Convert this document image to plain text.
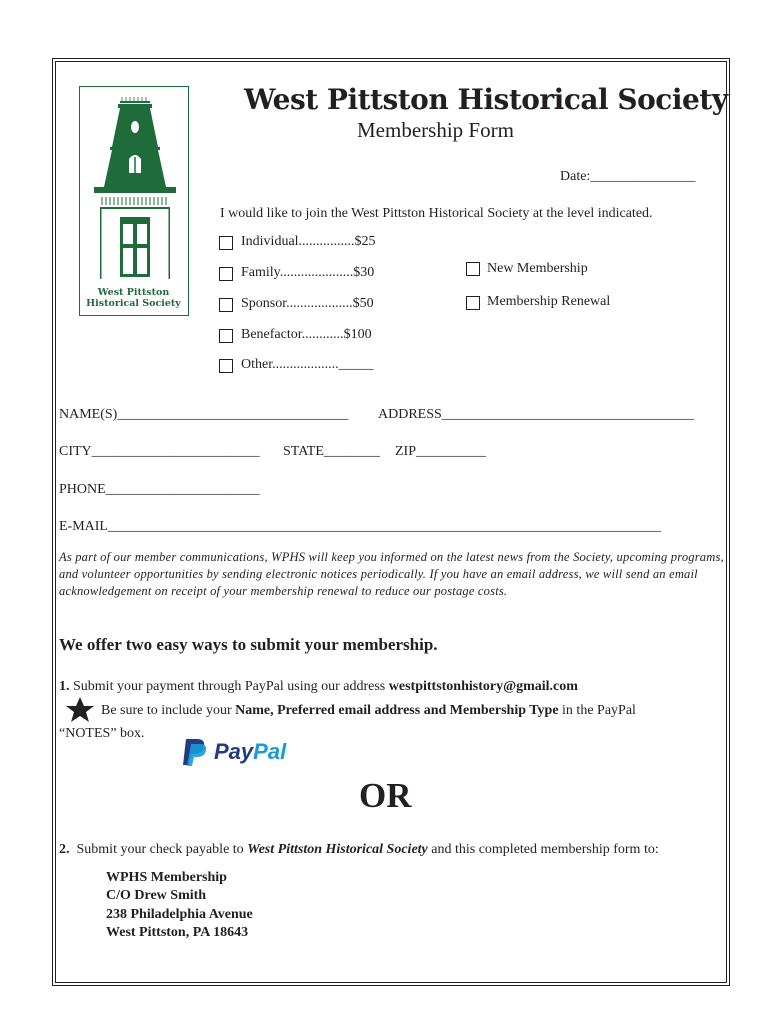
West Pittston
Historical Society
West Pittston Historical Society
Membership Form
Date:_______________
I would like to join the West Pittston Historical Society at the level indicated.
Individual................$25
Family.....................$30
Sponsor...................$50
Benefactor............$100
Other..................._____
New Membership
Membership Renewal
NAME(S)_________________________________ ADDRESS____________________________________
CITY________________________ STATE________ ZIP__________
PHONE______________________
E-MAIL_______________________________________________________________________________
As part of our member communications, WPHS will keep you informed on the latest news from the Society, upcoming programs, and volunteer opportunities by sending electronic notices periodically. If you have an email address, we will send an email acknowledgement on receipt of your membership renewal to reduce our postage costs.
We offer two easy ways to submit your membership.
1. Submit your payment through PayPal using our address westpittstonhistory@gmail.com
Be sure to include your Name, Preferred email address and Membership Type in the PayPal
“NOTES” box.
PayPal
OR
2.  Submit your check payable to West Pittston Historical Society and this completed membership form to:
WPHS Membership
C/O Drew Smith
238 Philadelphia Avenue
West Pittston, PA 18643
